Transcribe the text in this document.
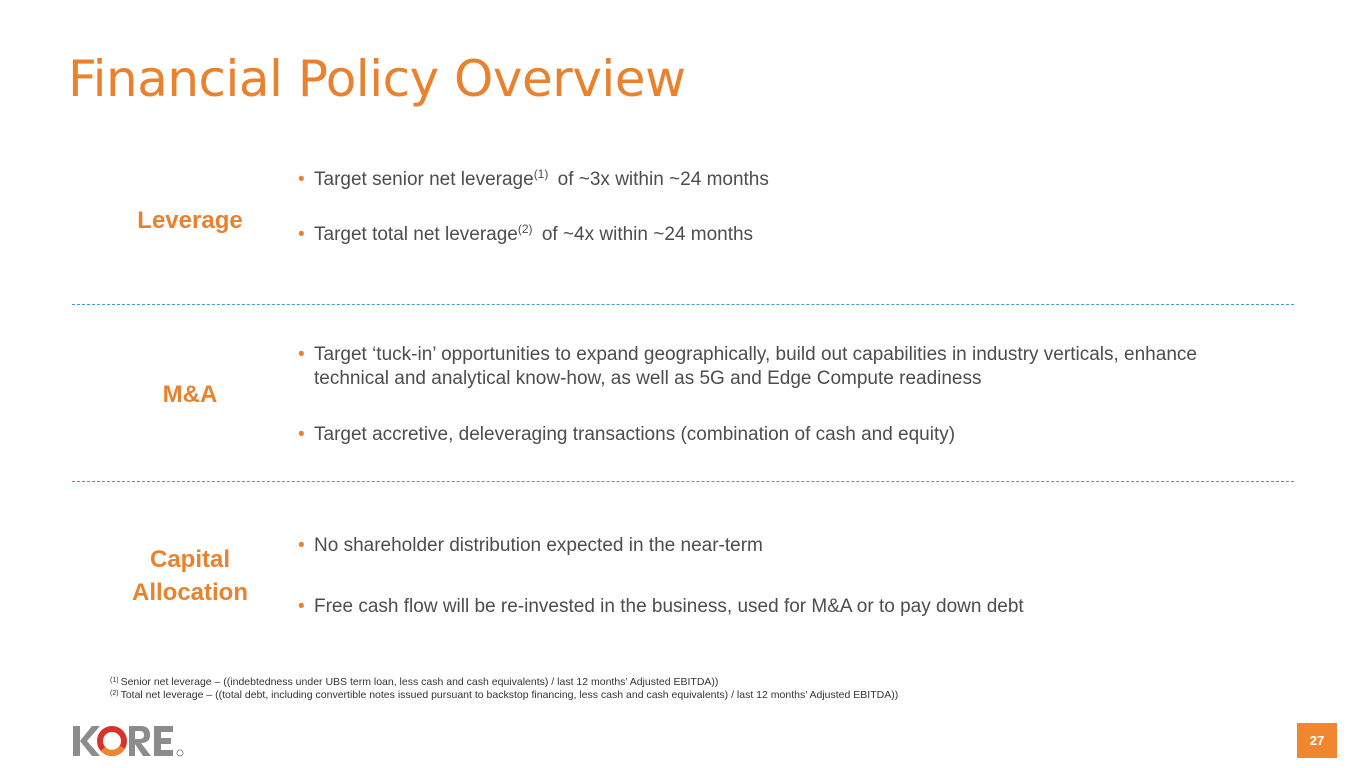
Financial Policy Overview
Leverage
• Target senior net leverage$^{(1)}$ of ~3x within ~24 months
• Target total net leverage$^{(2)}$ of ~4x within ~24 months
M&A
• Target ‘tuck-in’ opportunities to expand geographically, build out capabilities in industry verticals, enhance
technical and analytical know-how, as well as 5G and Edge Compute readiness
• Target accretive, deleveraging transactions (combination of cash and equity)
Capital
Allocation
• No shareholder distribution expected in the near-term
• Free cash flow will be re-invested in the business, used for M&A or to pay down debt
$^{(1)}$ Senior net leverage – ((indebtedness under UBS term loan, less cash and cash equivalents) / last 12 months’ Adjusted EBITDA))
$^{(2)}$ Total net leverage – ((total debt, including convertible notes issued pursuant to backstop financing, less cash and cash equivalents) / last 12 months’ Adjusted EBITDA))
27
